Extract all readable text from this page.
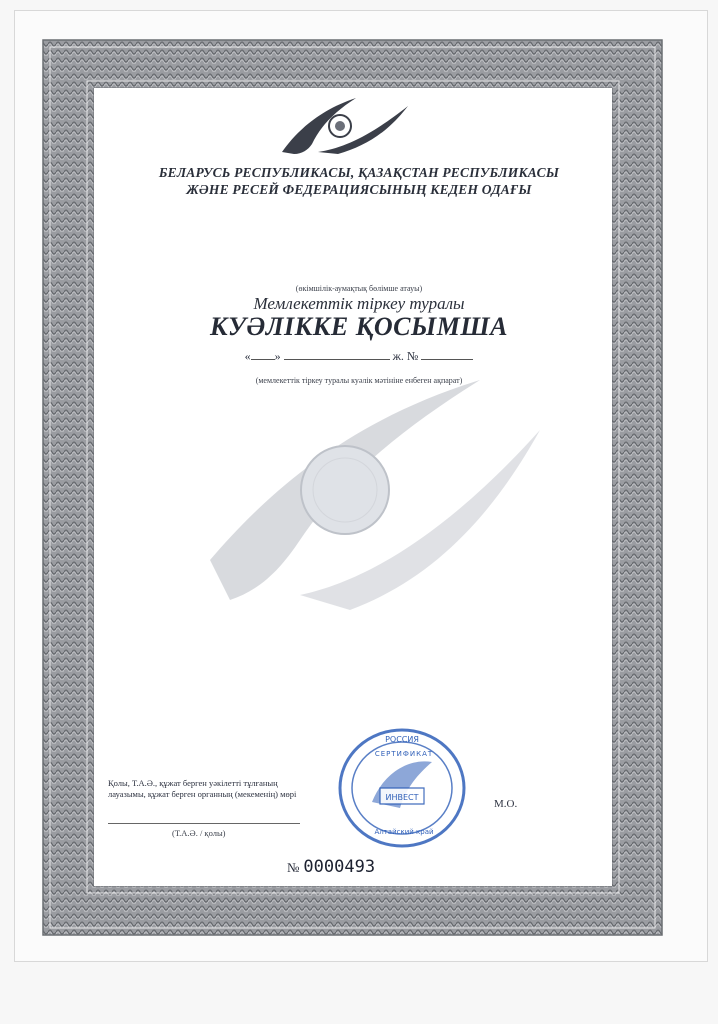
БЕЛАРУСЬ РЕСПУБЛИКАСЫ, ҚАЗАҚСТАН РЕСПУБЛИКАСЫ
ЖӘНЕ РЕСЕЙ ФЕДЕРАЦИЯСЫНЫҢ КЕДЕН ОДАҒЫ
(өкімшілік-аумақтық бөлімше атауы)
Мемлекеттік тіркеу туралы
КУӘЛІККЕ ҚОСЫМША
« »	ж. №
(мемлекеттік тіркеу туралы куәлік мәтініне енбеген ақпарат)
Қолы, Т.А.Ә., құжат берген уәкілетті тұлғаның лауазымы, құжат берген органның (мекеменің) мөрі
(Т.А.Ә. / қолы)
М.О.
№ 0000493
ИНВЕСТ
РОССИЯ
СЕРТИФИКАТ
Алтайский край
